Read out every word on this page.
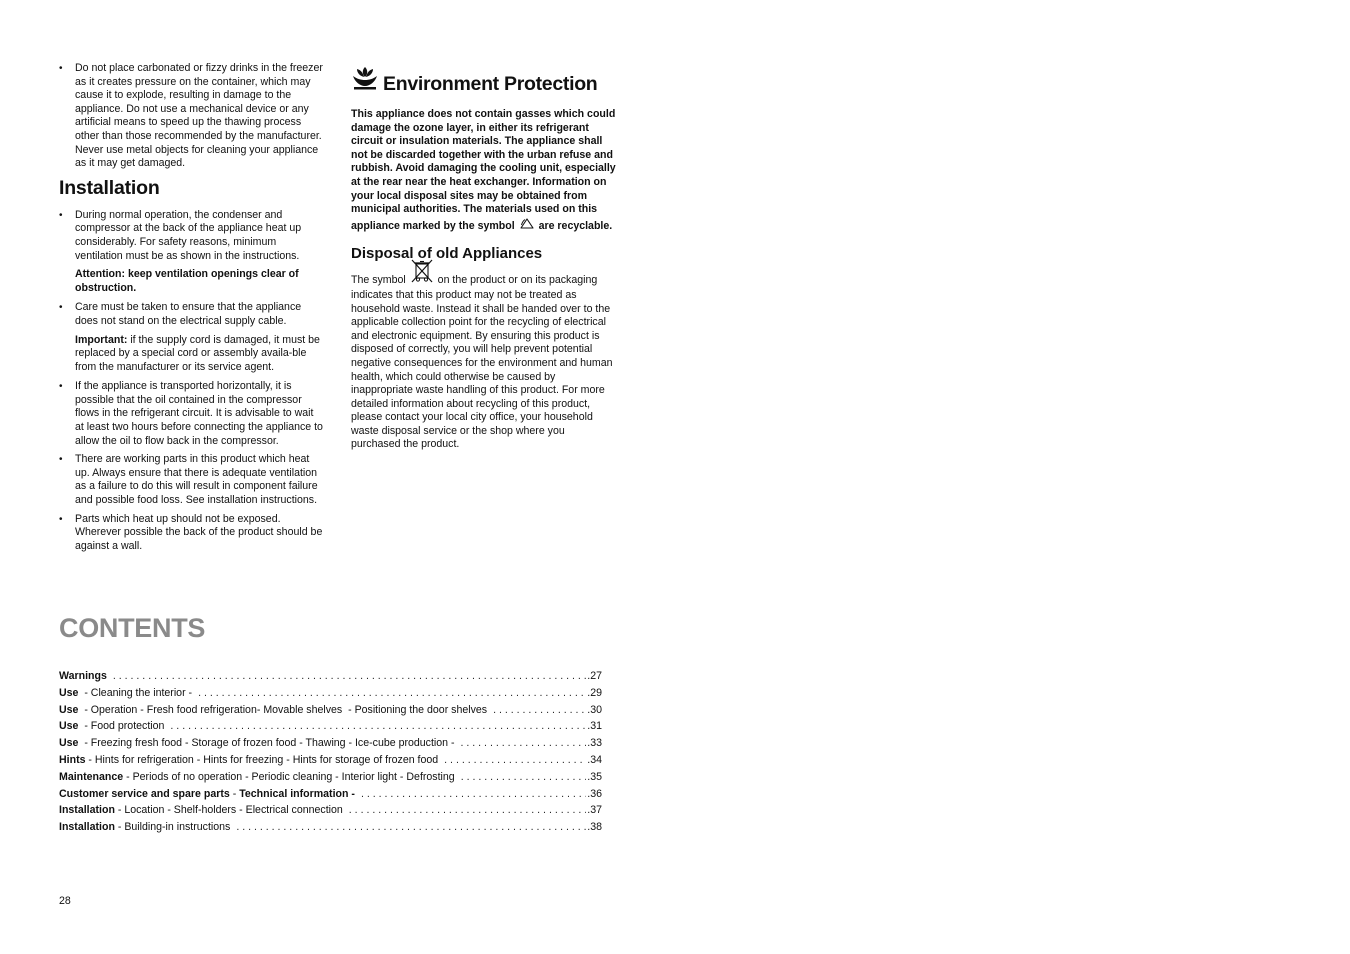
• Do not place carbonated or fizzy drinks in the freezer as it creates pressure on the container, which may cause it to explode, resulting in damage to the appliance. Do not use a mechanical device or any artificial means to speed up the thawing process other than those recommended by the manufacturer. Never use metal objects for cleaning your appliance as it may get damaged.
Installation
• During normal operation, the condenser and compressor at the back of the appliance heat up considerably. For safety reasons, minimum ventilation must be as shown in the instructions.
Attention: keep ventilation openings clear of obstruction.
• Care must be taken to ensure that the appliance does not stand on the electrical supply cable.
Important: if the supply cord is damaged, it must be replaced by a special cord or assembly availa-ble from the manufacturer or its service agent.
• If the appliance is transported horizontally, it is possible that the oil contained in the compressor flows in the refrigerant circuit. It is advisable to wait at least two hours before connecting the appliance to allow the oil to flow back in the compressor.
• There are working parts in this product which heat up. Always ensure that there is adequate ventilation as a failure to do this will result in component failure and possible food loss. See installation instructions.
• Parts which heat up should not be exposed. Wherever possible the back of the product should be against a wall.
Environment Protection

This appliance does not contain gasses which could damage the ozone layer, in either its refrigerant circuit or insulation materials. The appliance shall not be discarded together with the urban refuse and rubbish. Avoid damaging the cooling unit, especially at the rear near the heat exchanger. Information on your local disposal sites may be obtained from municipal authorities. The materials used on this appliance marked by the symbol are recyclable.

Disposal of old Appliances

The symbol	on the product or on its packaging indicates that this product may not be treated as household waste. Instead it shall be handed over to the applicable collection point for the recycling of electrical and electronic equipment. By ensuring this product is disposed of correctly, you will help prevent potential negative consequences for the environment and human health, which could otherwise be caused by inappropriate waste handling of this product. For more detailed information about recycling of this product, please contact your local city office, your household waste disposal service or the shop where you purchased the product.

CONTENTS
Warnings . . .	.27
Use  - Cleaning the interior - . . .	.29
Use  - Operation - Fresh food refrigeration- Movable shelves  - Positioning the door shelves . . .	.30
Use  - Food protection . . .	.31
Use  - Freezing fresh food - Storage of frozen food - Thawing - Ice-cube production - . . .	.33
Hints - Hints for refrigeration - Hints for freezing - Hints for storage of frozen food . . .	.34
Maintenance - Periods of no operation - Periodic cleaning - Interior light - Defrosting . . .	.35
Customer service and spare parts - Technical information - . . .	.36
Installation - Location - Shelf-holders - Electrical connection . . .	.37
Installation - Building-in instructions . . .	.38
28
